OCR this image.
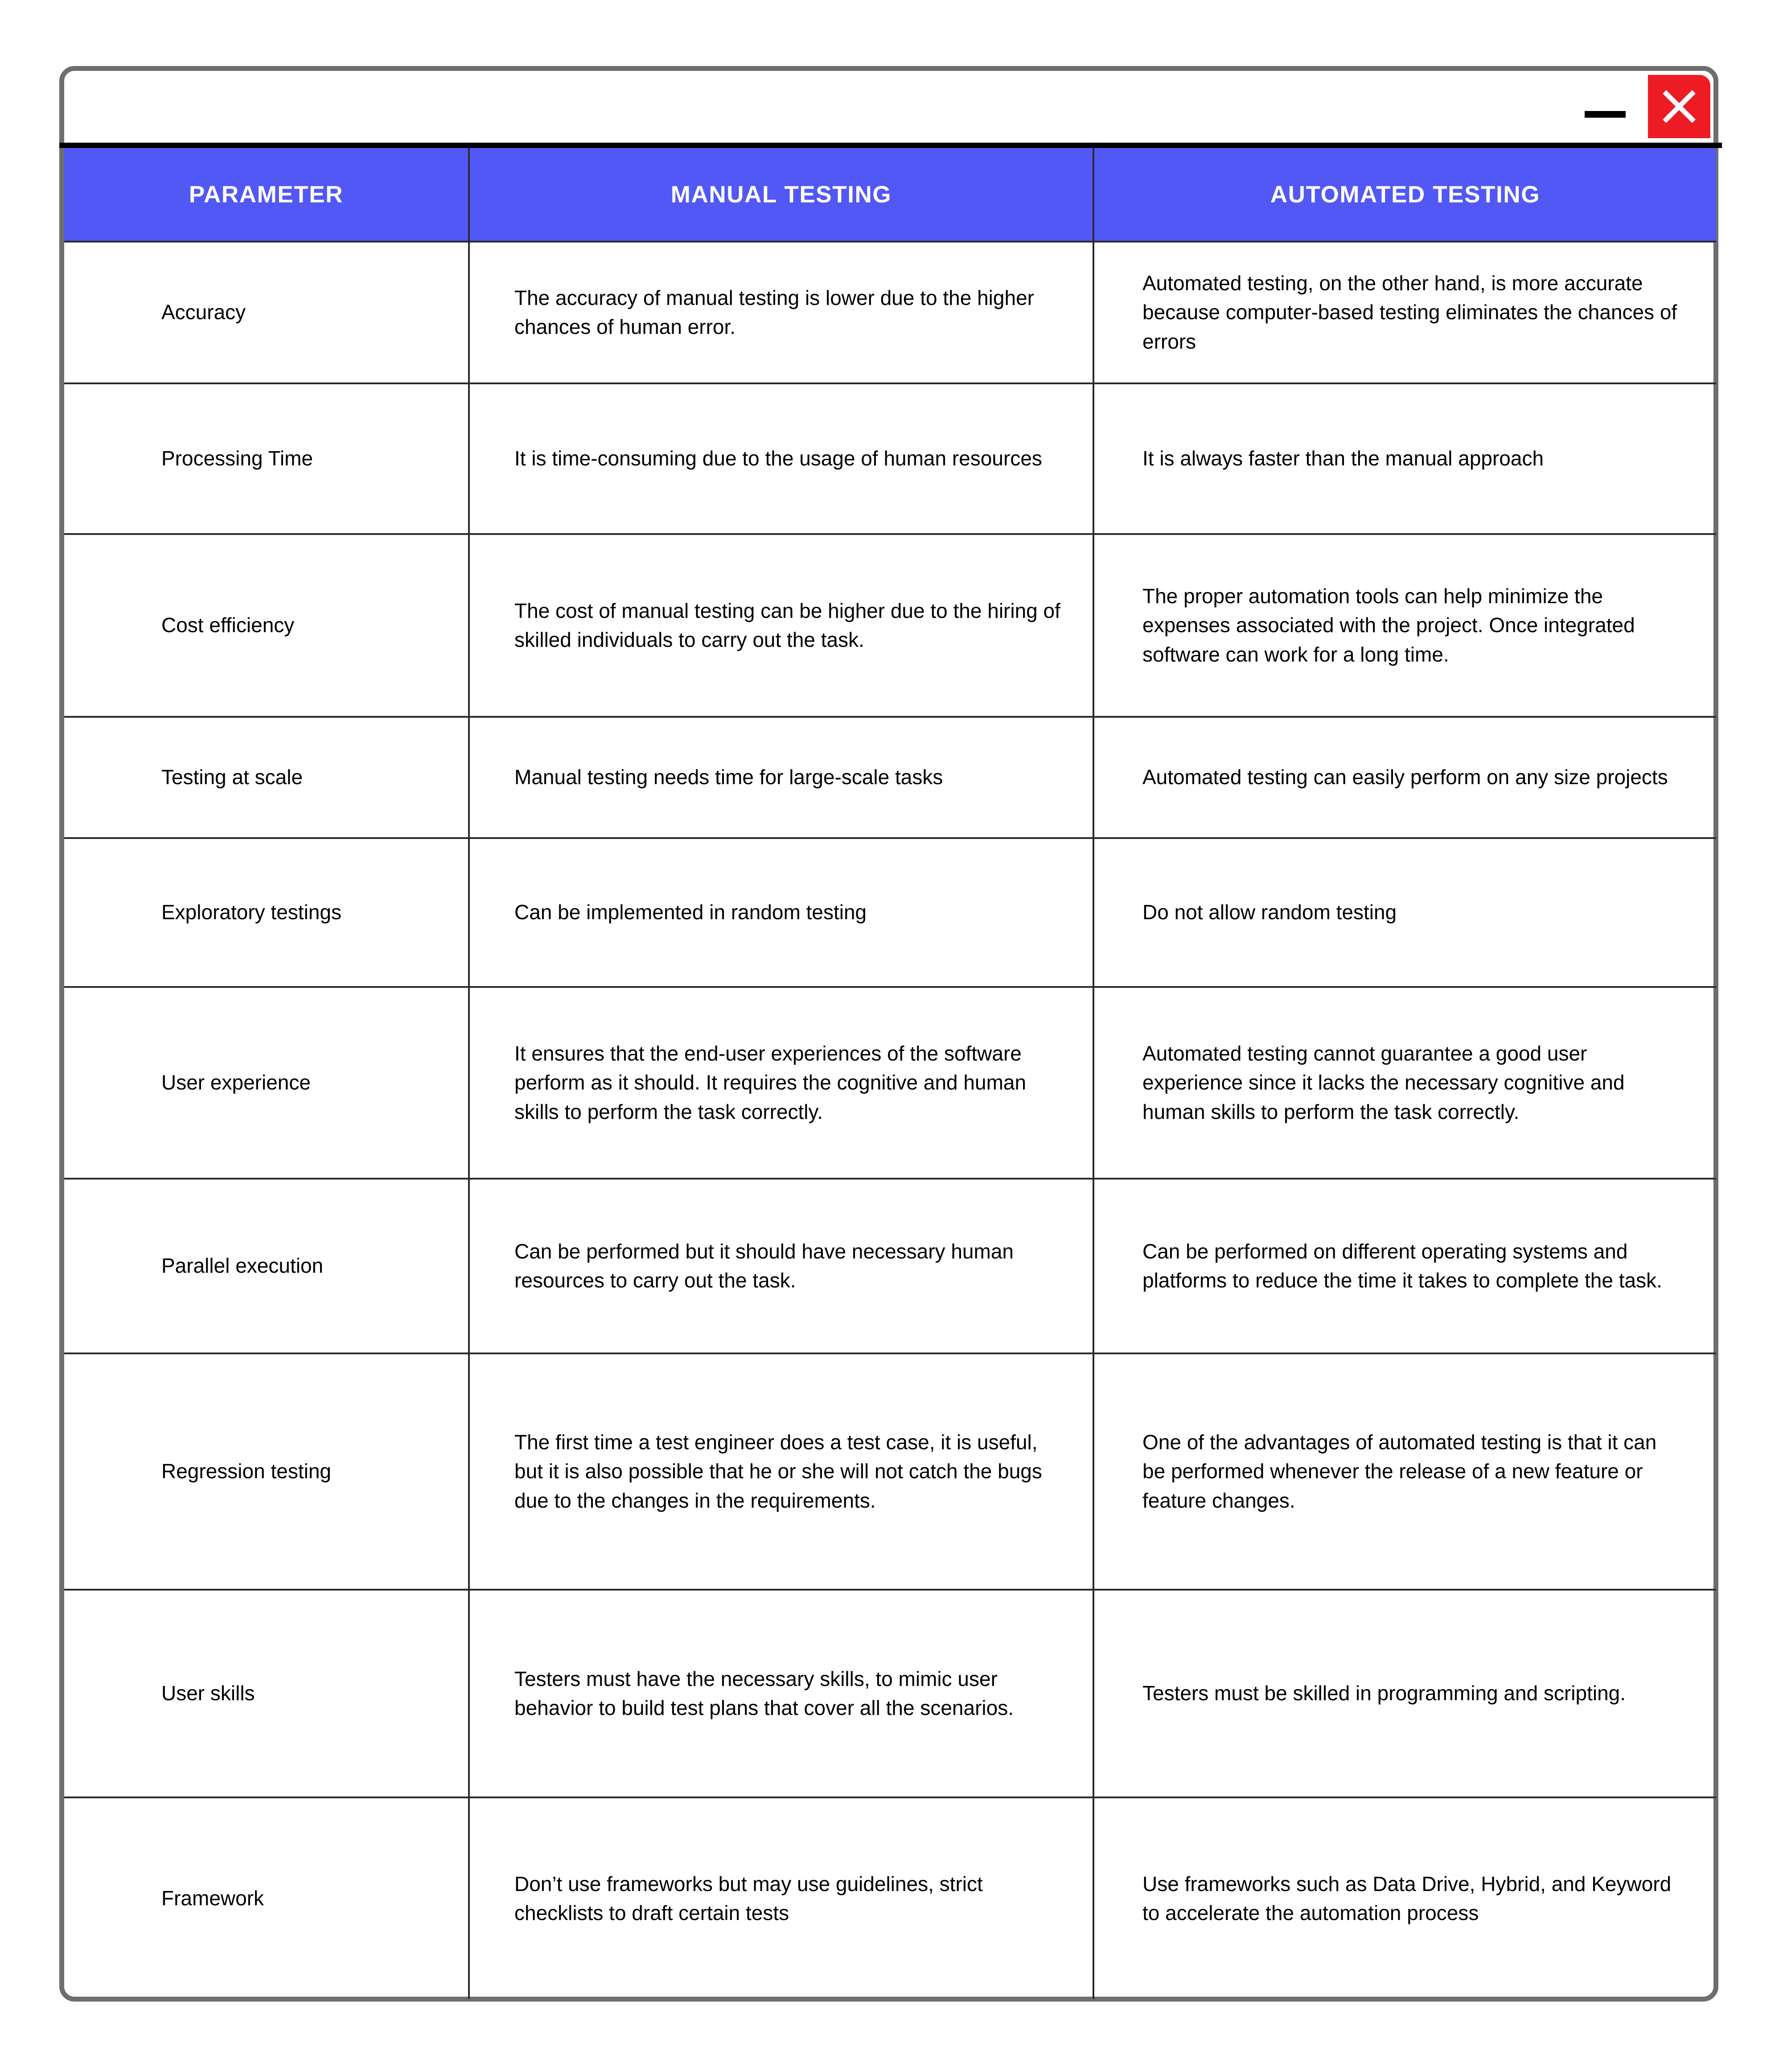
PARAMETER	MANUAL TESTING	AUTOMATED TESTING
Accuracy	The accuracy of manual testing is lower due to the higher chances of human error.	Automated testing, on the other hand, is more accurate because computer-based testing eliminates the chances of errors
Processing Time	It is time-consuming due to the usage of human resources	It is always faster than the manual approach
Cost efficiency	The cost of manual testing can be higher due to the hiring of skilled individuals to carry out the task.	The proper automation tools can help minimize the expenses associated with the project. Once integrated software can work for a long time.
Testing at scale	Manual testing needs time for large-scale tasks	Automated testing can easily perform on any size projects
Exploratory testings	Can be implemented in random testing	Do not allow random testing
User experience	It ensures that the end-user experiences of the software perform as it should. It requires the cognitive and human skills to perform the task correctly.	Automated testing cannot guarantee a good user experience since it lacks the necessary cognitive and human skills to perform the task correctly.
Parallel execution	Can be performed but it should have necessary human resources to carry out the task.	Can be performed on different operating systems and platforms to reduce the time it takes to complete the task.
Regression testing	The first time a test engineer does a test case, it is useful, but it is also possible that he or she will not catch the bugs due to the changes in the requirements.	One of the advantages of automated testing is that it can be performed whenever the release of a new feature or feature changes.
User skills	Testers must have the necessary skills, to mimic user behavior to build test plans that cover all the scenarios.	Testers must be skilled in programming and scripting.
Framework	Don’t use frameworks but may use guidelines, strict checklists to draft certain tests	Use frameworks such as Data Drive, Hybrid, and Keyword to accelerate the automation process
